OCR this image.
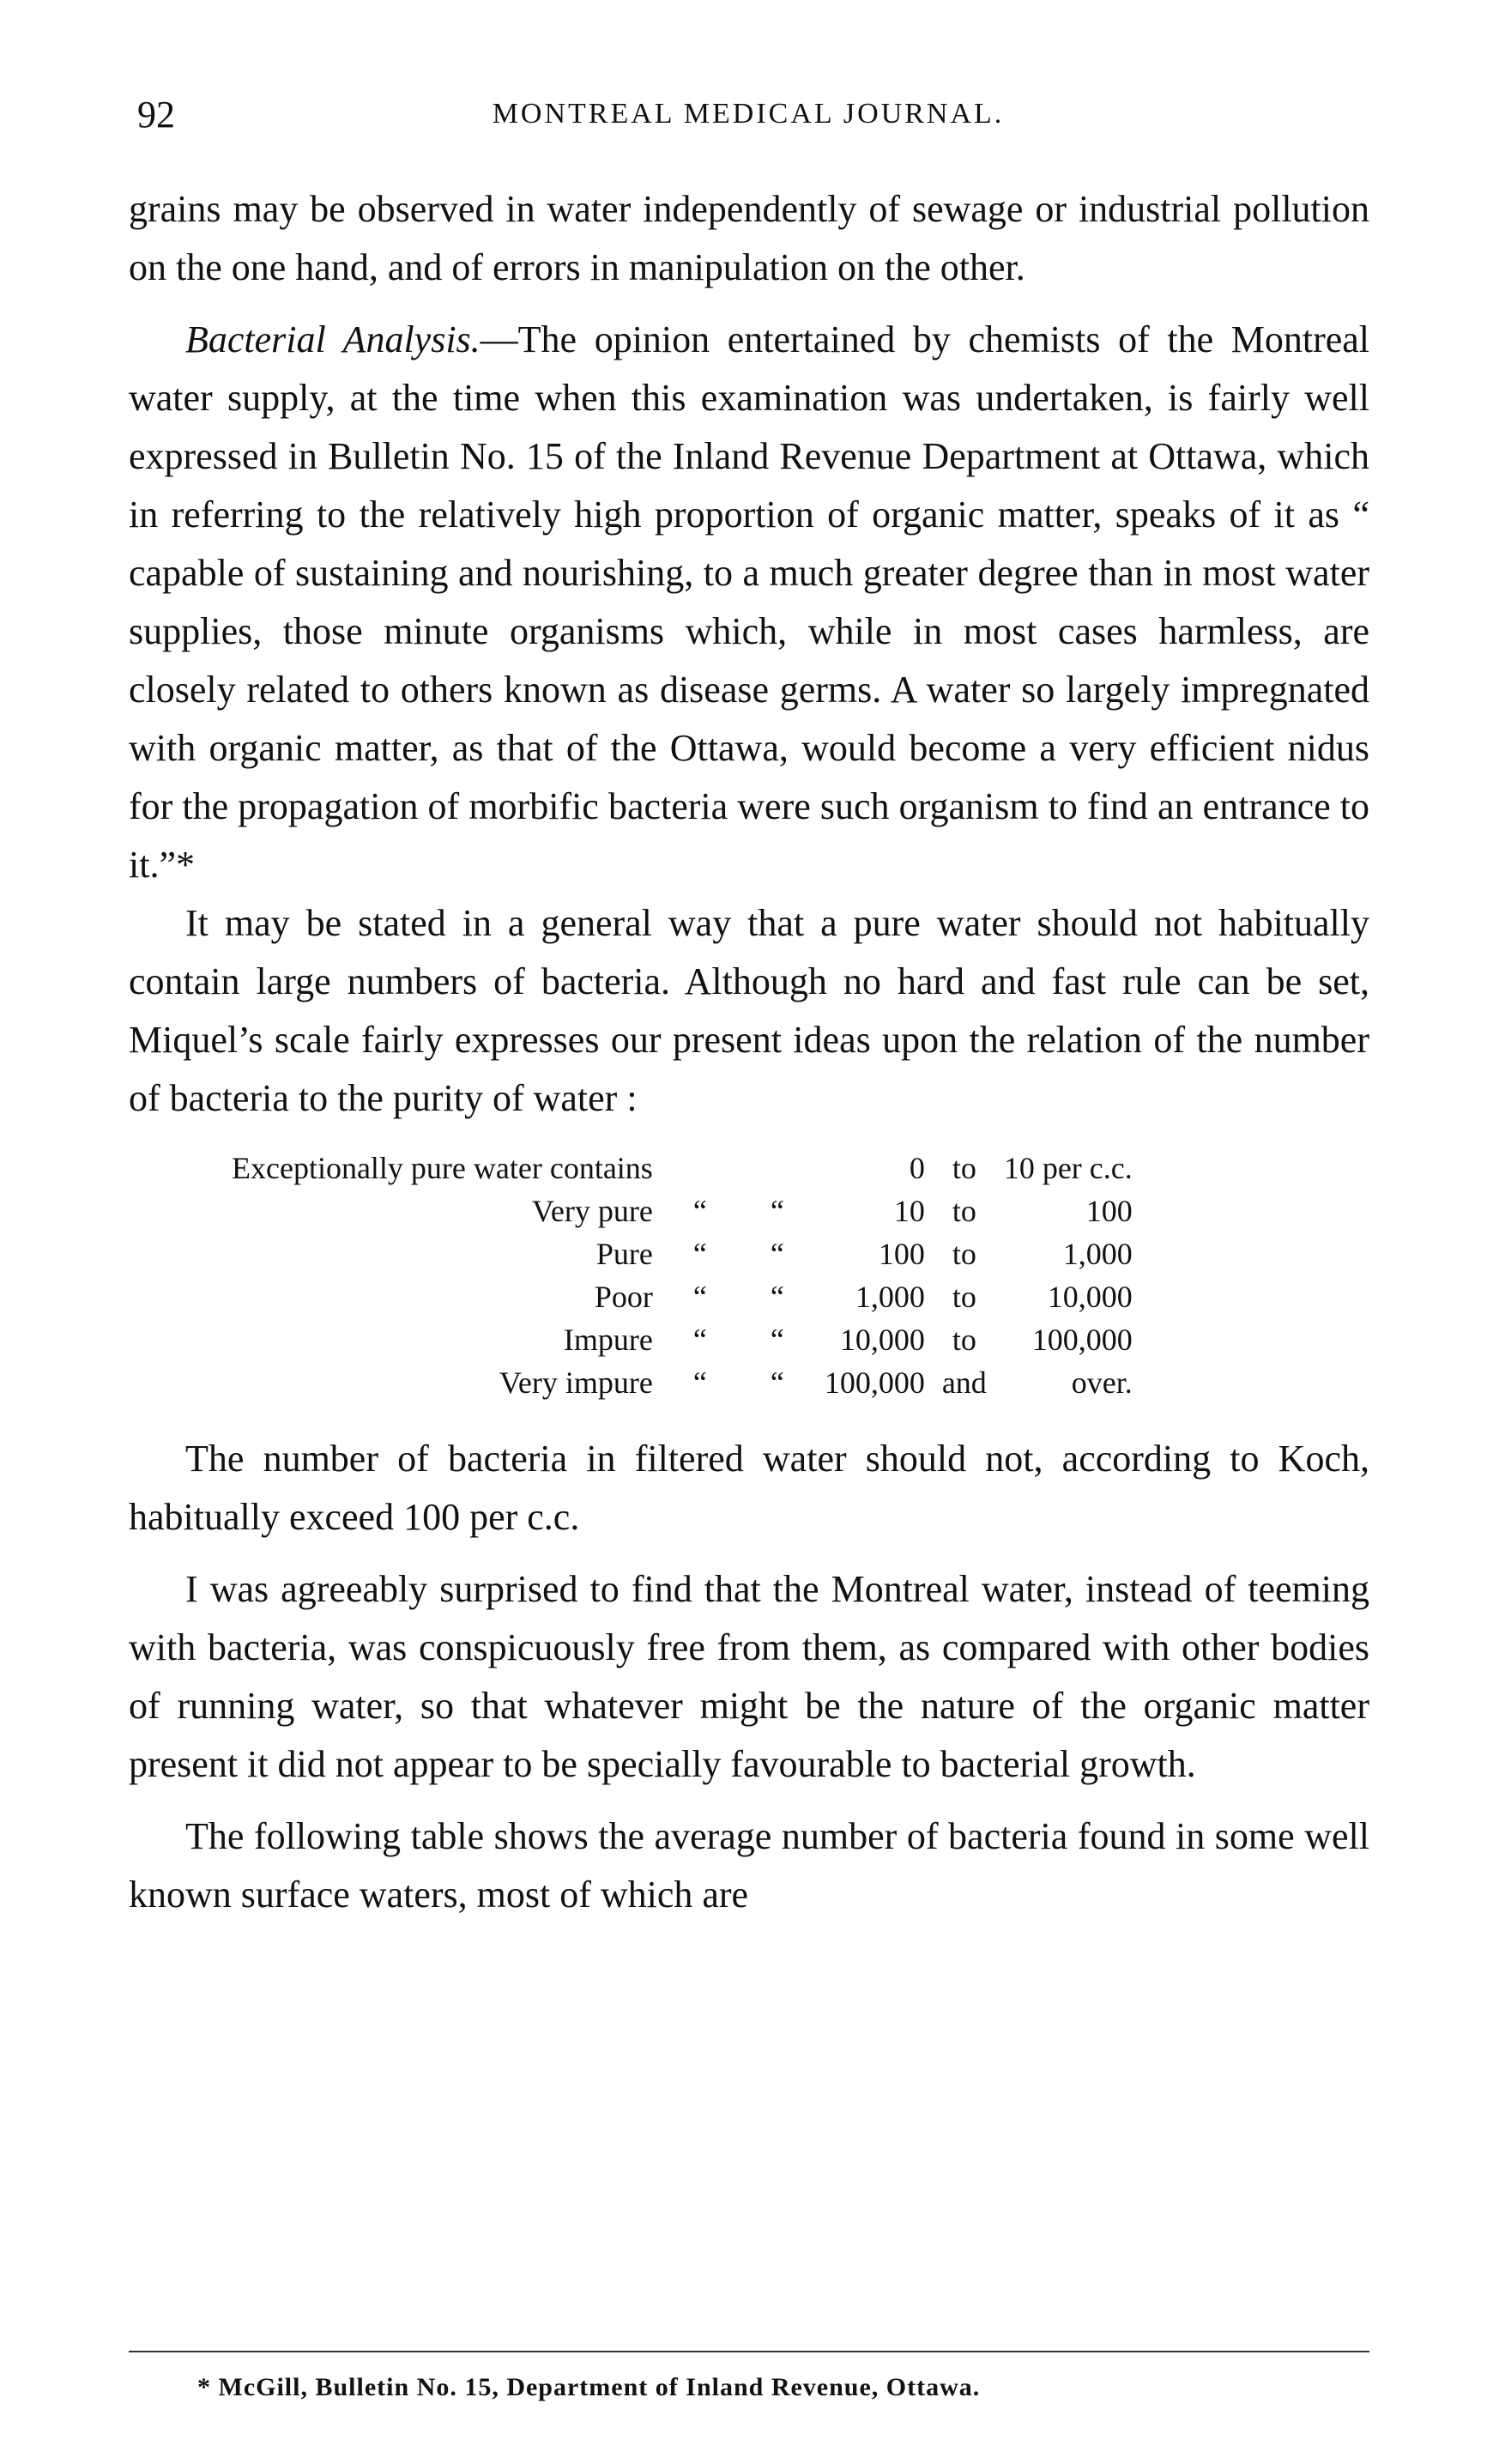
92	MONTREAL MEDICAL JOURNAL.

grains may be observed in water independently of sewage or industrial pollution on the one hand, and of errors in manipulation on the other.

Bacterial Analysis.—The opinion entertained by chemists of the Montreal water supply, at the time when this examination was undertaken, is fairly well expressed in Bulletin No. 15 of the Inland Revenue Department at Ottawa, which in referring to the relatively high proportion of organic matter, speaks of it as “ capable of sustaining and nourishing, to a much greater degree than in most water supplies, those minute organisms which, while in most cases harmless, are closely related to others known as disease germs. A water so largely impregnated with organic matter, as that of the Ottawa, would become a very efficient nidus for the propagation of morbific bacteria were such organism to find an entrance to it.”*

It may be stated in a general way that a pure water should not habitually contain large numbers of bacteria. Although no hard and fast rule can be set, Miquel’s scale fairly expresses our present ideas upon the relation of the number of bacteria to the purity of water :

Exceptionally pure water contains			0	to	10 per c.c.
Very pure	“	“	10	to	100
Pure	“	“	100	to	1,000
Poor	“	“	1,000	to	10,000
Impure	“	“	10,000	to	100,000
Very impure	“	“	100,000	and	over.

The number of bacteria in filtered water should not, according to Koch, habitually exceed 100 per c.c.

I was agreeably surprised to find that the Montreal water, instead of teeming with bacteria, was conspicuously free from them, as compared with other bodies of running water, so that whatever might be the nature of the organic matter present it did not appear to be specially favourable to bacterial growth.

The following table shows the average number of bacteria found in some well known surface waters, most of which are

* McGill, Bulletin No. 15, Department of Inland Revenue, Ottawa.
